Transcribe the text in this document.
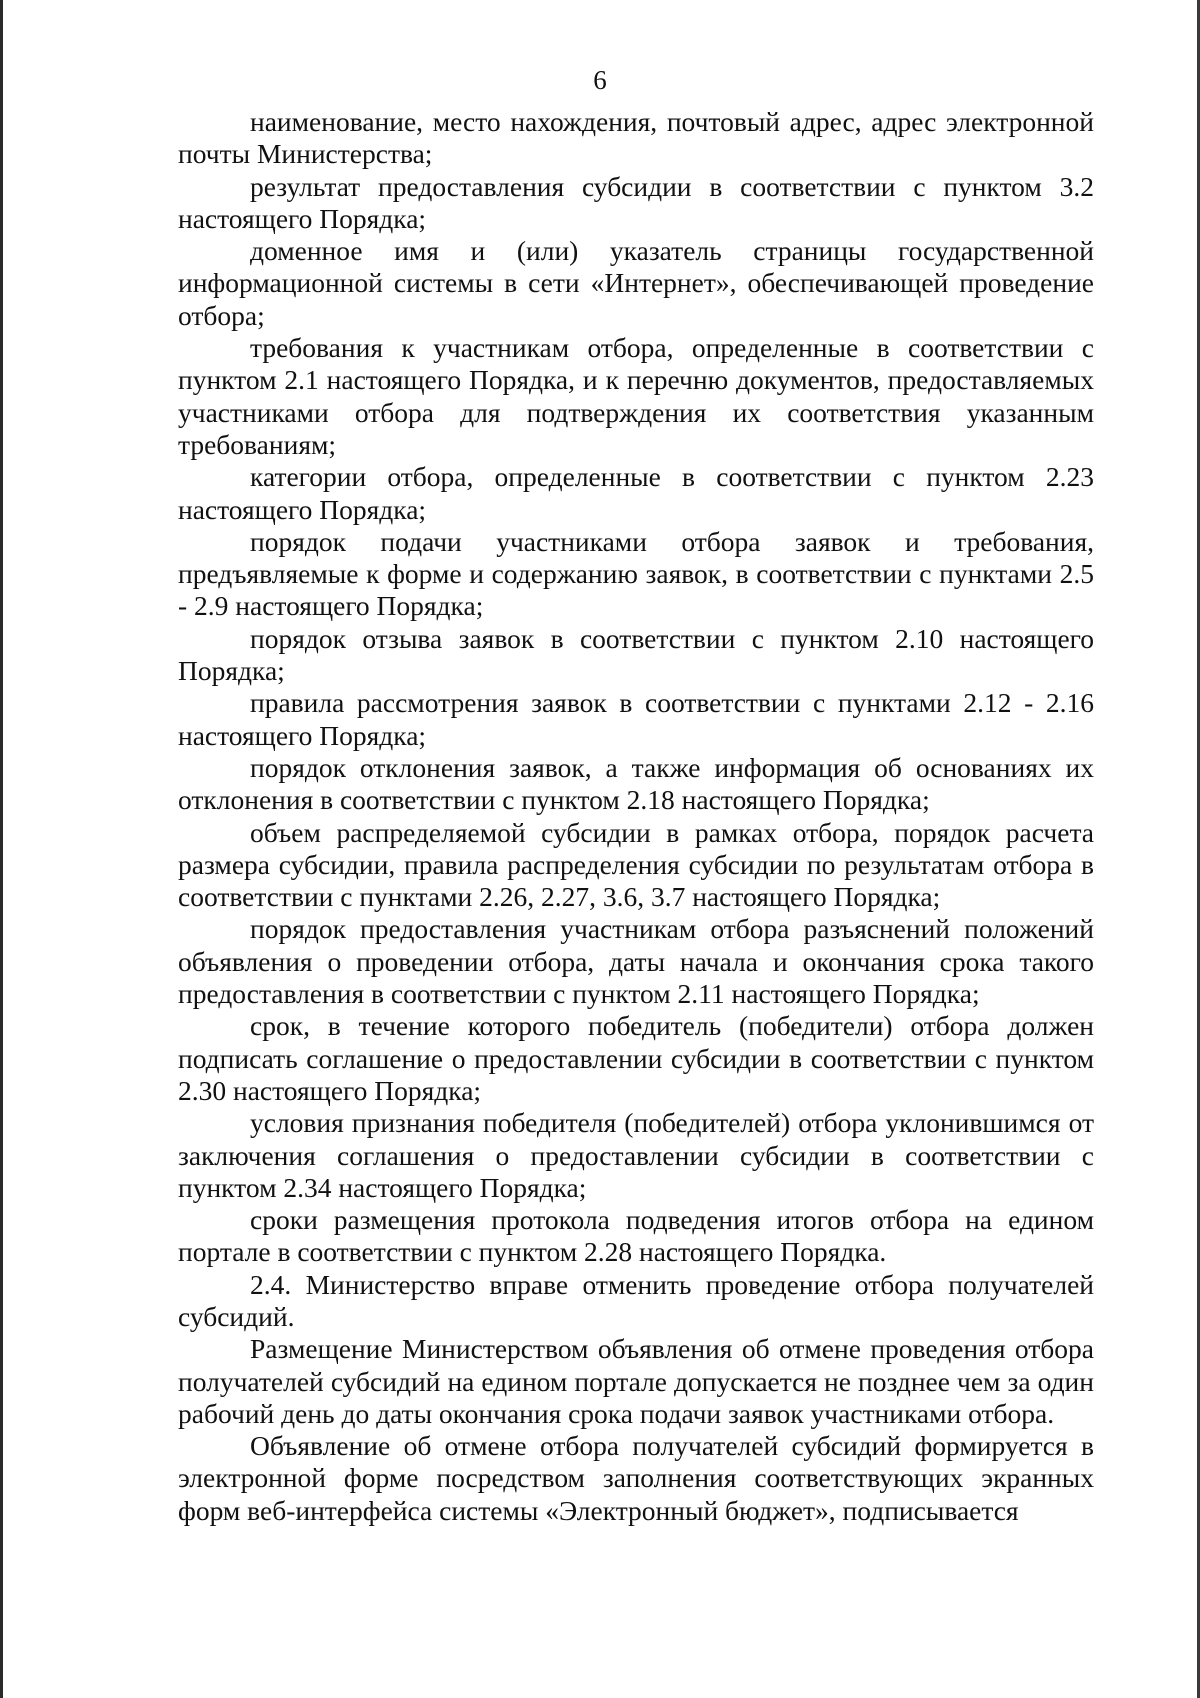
6

наименование, место нахождения, почтовый адрес, адрес электронной почты Министерства;

результат предоставления субсидии в соответствии с пунктом 3.2 настоящего Порядка;

доменное имя и (или) указатель страницы государственной информационной системы в сети «Интернет», обеспечивающей проведение отбора;

требования к участникам отбора, определенные в соответствии с пунктом 2.1 настоящего Порядка, и к перечню документов, предоставляемых участниками отбора для подтверждения их соответствия указанным требованиям;

категории отбора, определенные в соответствии с пунктом 2.23 настоящего Порядка;

порядок подачи участниками отбора заявок и требования, предъявляемые к форме и содержанию заявок, в соответствии с пунктами 2.5 - 2.9 настоящего Порядка;

порядок отзыва заявок в соответствии с пунктом 2.10 настоящего Порядка;

правила рассмотрения заявок в соответствии с пунктами 2.12 - 2.16 настоящего Порядка;

порядок отклонения заявок, а также информация об основаниях их отклонения в соответствии с пунктом 2.18 настоящего Порядка;

объем распределяемой субсидии в рамках отбора, порядок расчета размера субсидии, правила распределения субсидии по результатам отбора в соответствии с пунктами 2.26, 2.27, 3.6, 3.7 настоящего Порядка;

порядок предоставления участникам отбора разъяснений положений объявления о проведении отбора, даты начала и окончания срока такого предоставления в соответствии с пунктом 2.11 настоящего Порядка;

срок, в течение которого победитель (победители) отбора должен подписать соглашение о предоставлении субсидии в соответствии с пунктом 2.30 настоящего Порядка;

условия признания победителя (победителей) отбора уклонившимся от заключения соглашения о предоставлении субсидии в соответствии с пунктом 2.34 настоящего Порядка;

сроки размещения протокола подведения итогов отбора на едином портале в соответствии с пунктом 2.28 настоящего Порядка.

2.4. Министерство вправе отменить проведение отбора получателей субсидий.

Размещение Министерством объявления об отмене проведения отбора получателей субсидий на едином портале допускается не позднее чем за один рабочий день до даты окончания срока подачи заявок участниками отбора.

Объявление об отмене отбора получателей субсидий формируется в электронной форме посредством заполнения соответствующих экранных форм веб-интерфейса системы «Электронный бюджет», подписывается
